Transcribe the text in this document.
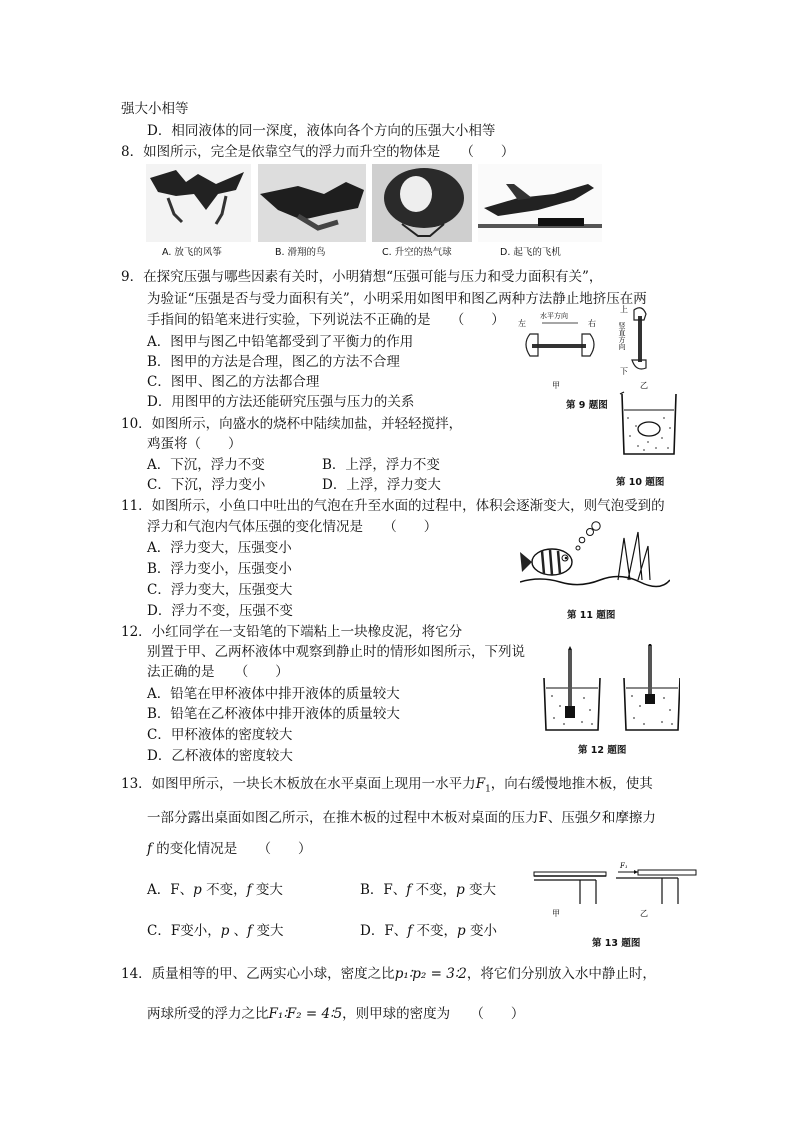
强大小相等
D．相同液体的同一深度，液体向各个方向的压强大小相等
8．如图所示，完全是依靠空气的浮力而升空的物体是　　（　　）
A. 放飞的风筝	B. 滑翔的鸟	C. 升空的热气球	D. 起飞的飞机
9．在探究压强与哪些因素有关时，小明猜想“压强可能与压力和受力面积有关”，
为验证“压强是否与受力面积有关”，小明采用如图甲和图乙两种方法静止地挤压在两
手指间的铅笔来进行实验，下列说法不正确的是　　（　　）
A．图甲与图乙中铅笔都受到了平衡力的作用
B．图甲的方法是合理，图乙的方法不合理
C．图甲、图乙的方法都合理
D．用图甲的方法还能研究压强与压力的关系
左
水平方向
右
甲
上
竖直方向
下
乙
第 9 题图
10．如图所示，向盛水的烧杯中陆续加盐，并轻轻搅拌，
鸡蛋将（　　）
A．下沉，浮力不变	B．上浮，浮力不变
C．下沉，浮力变小	D．上浮，浮力变大	第 10 题图
11．如图所示，小鱼口中吐出的气泡在升至水面的过程中，体积会逐渐变大，则气泡受到的
浮力和气泡内气体压强的变化情况是　　（　　）
A．浮力变大，压强变小
B．浮力变小，压强变小
C．浮力变大，压强变大
D．浮力不变，压强不变	第 11 题图
12．小红同学在一支铅笔的下端粘上一块橡皮泥，将它分
别置于甲、乙两杯液体中观察到静止时的情形如图所示，下列说
法正确的是　　（　　）
A．铅笔在甲杯液体中排开液体的质量较大
B．铅笔在乙杯液体中排开液体的质量较大
C．甲杯液体的密度较大
D．乙杯液体的密度较大	第 12 题图
13．如图甲所示，一块长木板放在水平桌面上现用一水平力$F_1$，向右缓慢地推木板，使其
一部分露出桌面如图乙所示，在推木板的过程中木板对桌面的压力F、压强夕和摩擦力
f 的变化情况是　　（　　）
A．F、p 不变，f 变大	B．F、f 不变，p 变大
C．F变小，p 、f 变大	D．F、f 不变，p 变小
甲
F₁
乙
第 13 题图
14．质量相等的甲、乙两实心小球，密度之比p₁∶p₂ = 3∶2，将它们分别放入水中静止时，
两球所受的浮力之比F₁∶F₂ = 4∶5，则甲球的密度为　　（　　）
